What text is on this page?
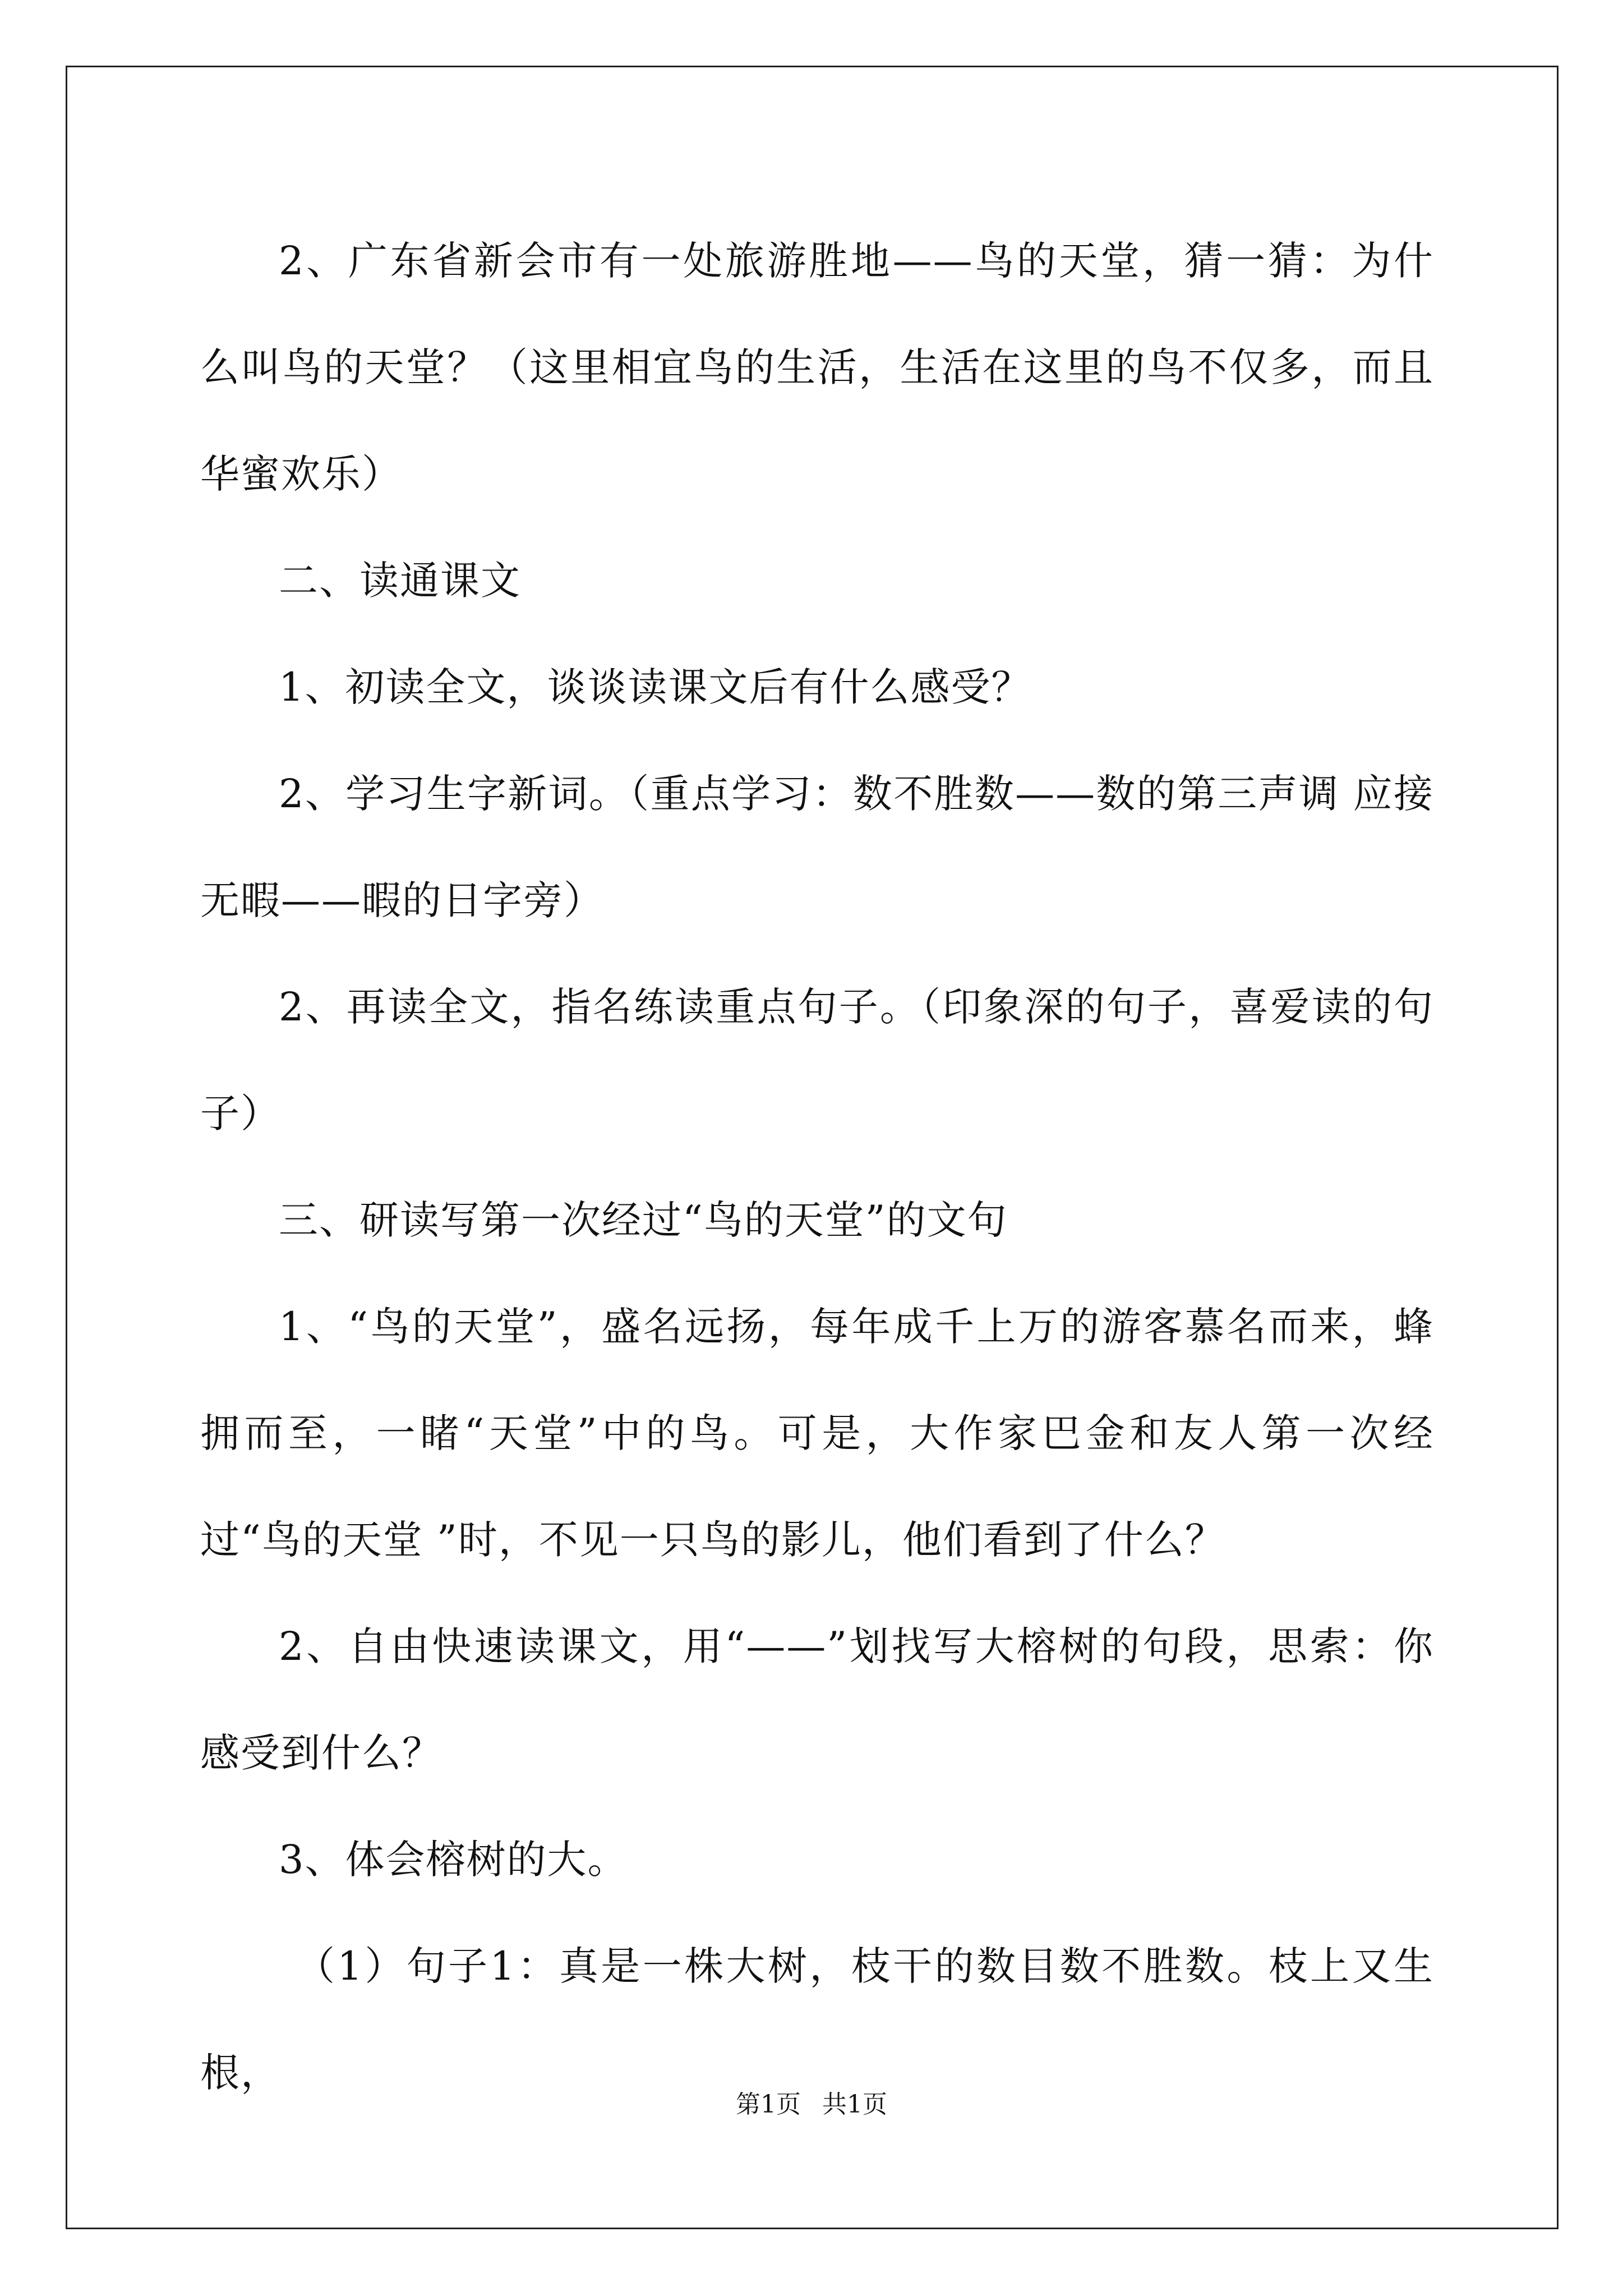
2、广东省新会市有一处旅游胜地——鸟的天堂，猜一猜：为什么叫鸟的天堂？（这里相宜鸟的生活，生活在这里的鸟不仅多，而且华蜜欢乐）

二、读通课文

1、初读全文，谈谈读课文后有什么感受？

2、学习生字新词。（重点学习：数不胜数——数的第三声调 应接无暇——暇的日字旁）

2、再读全文，指名练读重点句子。（印象深的句子，喜爱读的句子）

三、研读写第一次经过“鸟的天堂”的文句

1、“鸟的天堂”，盛名远扬，每年成千上万的游客慕名而来，蜂拥而至，一睹“天堂”中的鸟。可是，大作家巴金和友人第一次经过“鸟的天堂 ”时，不见一只鸟的影儿，他们看到了什么？

2、自由快速读课文，用“——”划找写大榕树的句段，思索：你感受到什么？

3、体会榕树的大。

（1）句子1：真是一株大树，枝干的数目数不胜数。枝上又生根，

第1页 共1页
